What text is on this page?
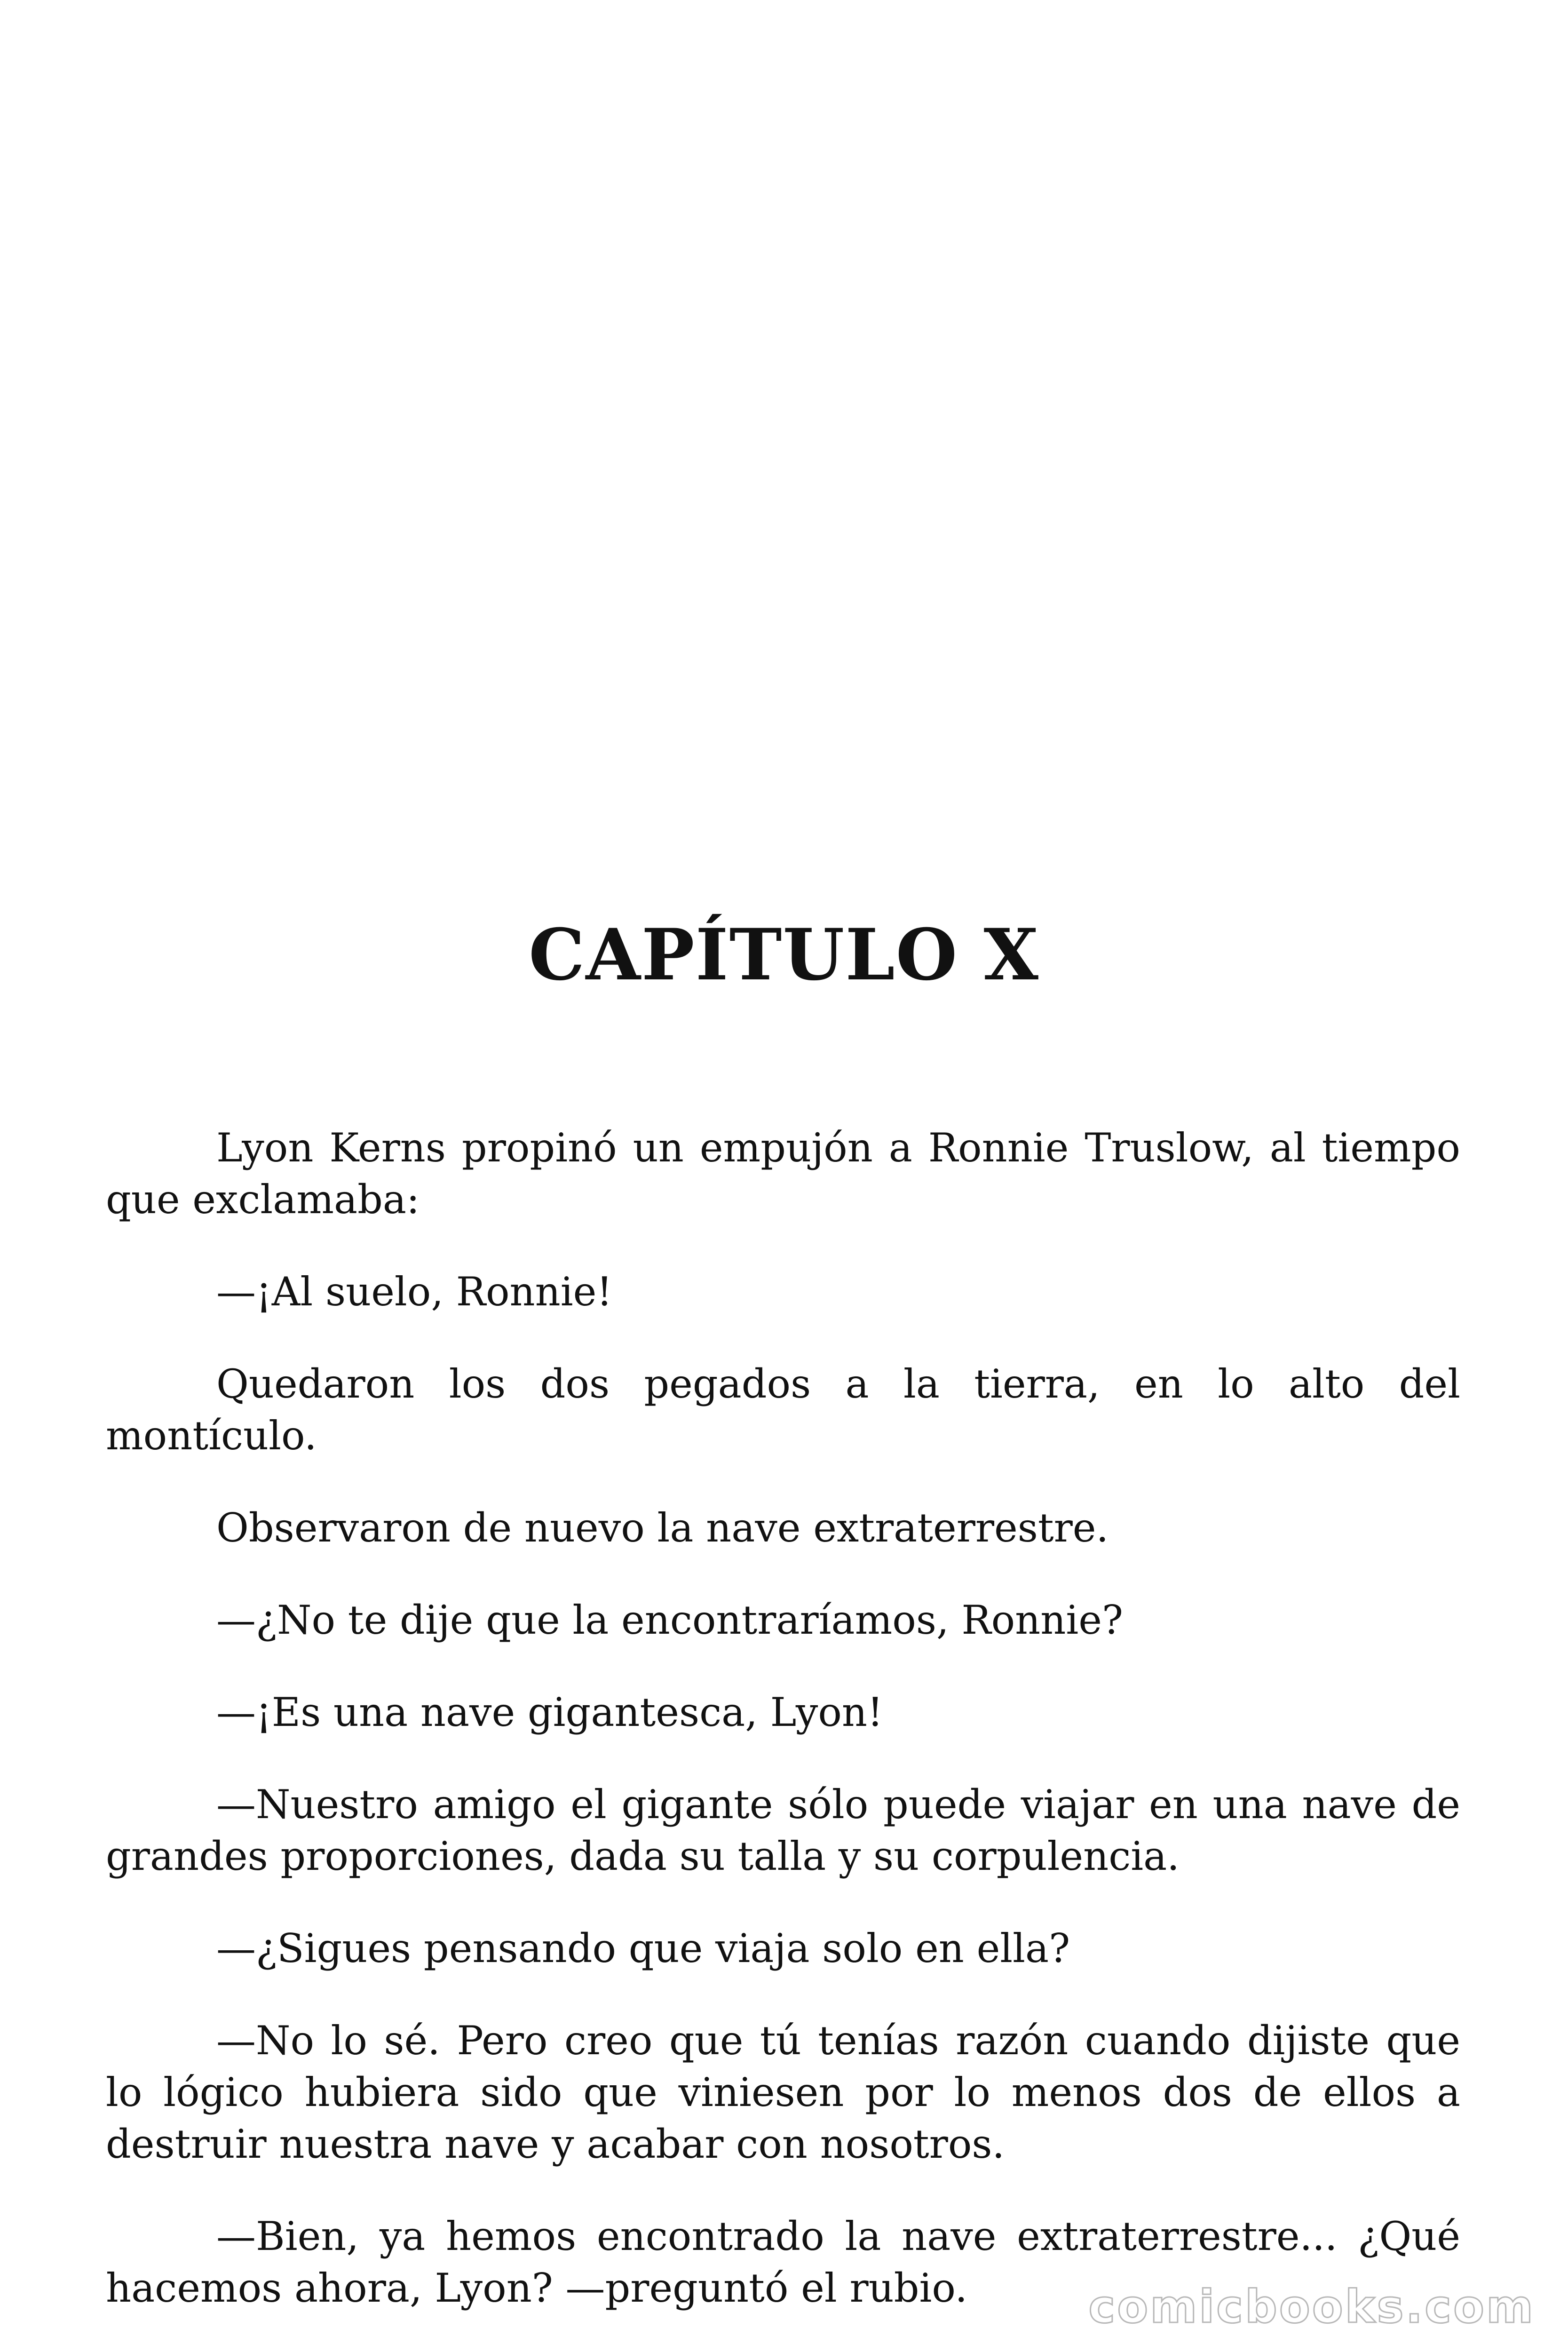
CAPÍTULO X

Lyon Kerns propinó un empujón a Ronnie Truslow, al tiempo que exclamaba:

—¡Al suelo, Ronnie!

Quedaron los dos pegados a la tierra, en lo alto del montículo.

Observaron de nuevo la nave extraterrestre.

—¿No te dije que la encontraríamos, Ronnie?

—¡Es una nave gigantesca, Lyon!

—Nuestro amigo el gigante sólo puede viajar en una nave de grandes proporciones, dada su talla y su corpulencia.

—¿Sigues pensando que viaja solo en ella?

—No lo sé. Pero creo que tú tenías razón cuando dijiste que lo lógico hubiera sido que viniesen por lo menos dos de ellos a destruir nuestra nave y acabar con nosotros.

—Bien, ya hemos encontrado la nave extraterrestre... ¿Qué hacemos ahora, Lyon? —preguntó el rubio.	comicbooks.com
